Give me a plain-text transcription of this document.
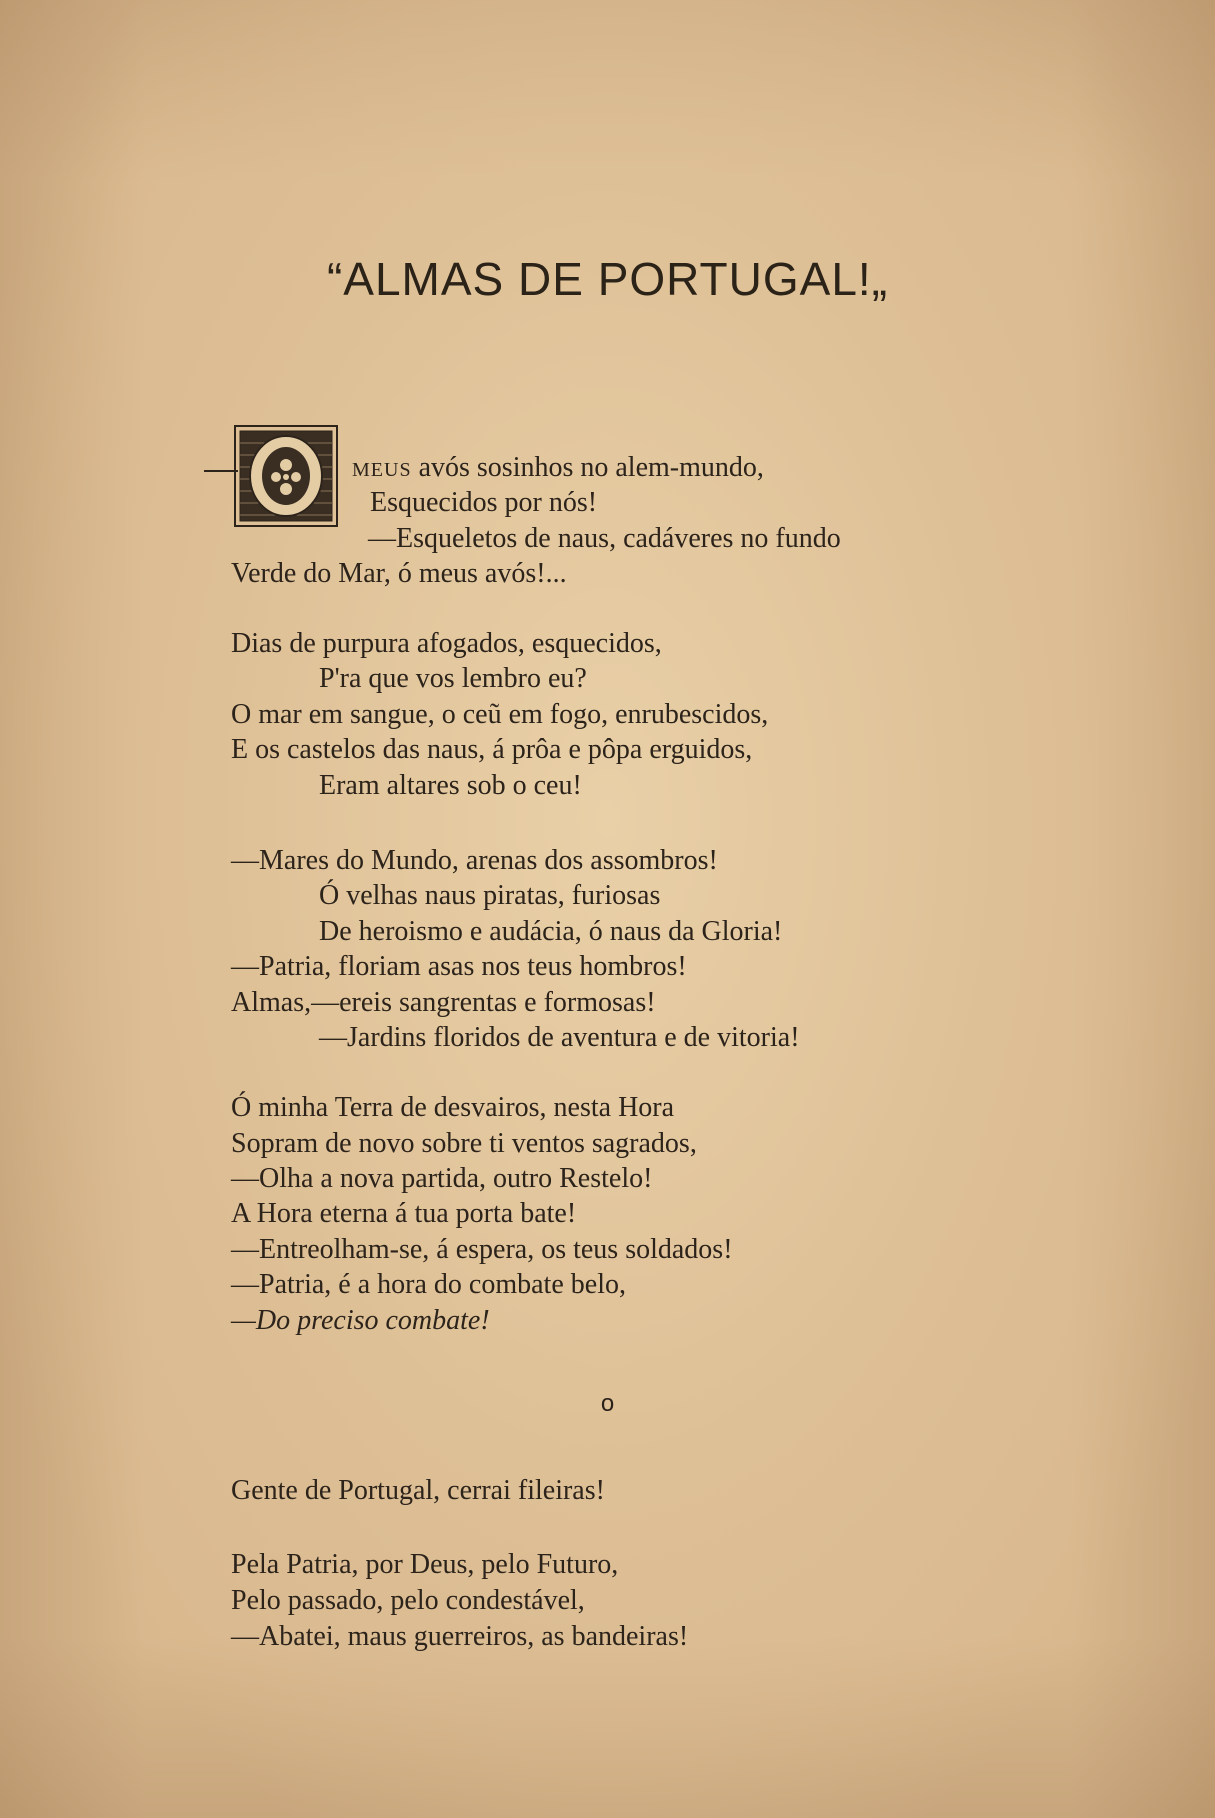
“ALMAS DE PORTUGAL!„
MEUS avós sosinhos no alem-mundo,
Esquecidos por nós!
—Esqueletos de naus, cadáveres no fundo
Verde do Mar, ó meus avós!...
Dias de purpura afogados, esquecidos,
P'ra que vos lembro eu?
O mar em sangue, o ceũ em fogo, enrubescidos,
E os castelos das naus, á prôa e pôpa erguidos,
Eram altares sob o ceu!
—Mares do Mundo, arenas dos assombros!
Ó velhas naus piratas, furiosas
De heroismo e audácia, ó naus da Gloria!
—Patria, floriam asas nos teus hombros!
Almas,—ereis sangrentas e formosas!
—Jardins floridos de aventura e de vitoria!
Ó minha Terra de desvairos, nesta Hora
Sopram de novo sobre ti ventos sagrados,
—Olha a nova partida, outro Restelo!
A Hora eterna á tua porta bate!
—Entreolham-se, á espera, os teus soldados!
—Patria, é a hora do combate belo,
—Do preciso combate!
Gente de Portugal, cerrai fileiras!
Pela Patria, por Deus, pelo Futuro,
Pelo passado, pelo condestável,
—Abatei, maus guerreiros, as bandeiras!
o
